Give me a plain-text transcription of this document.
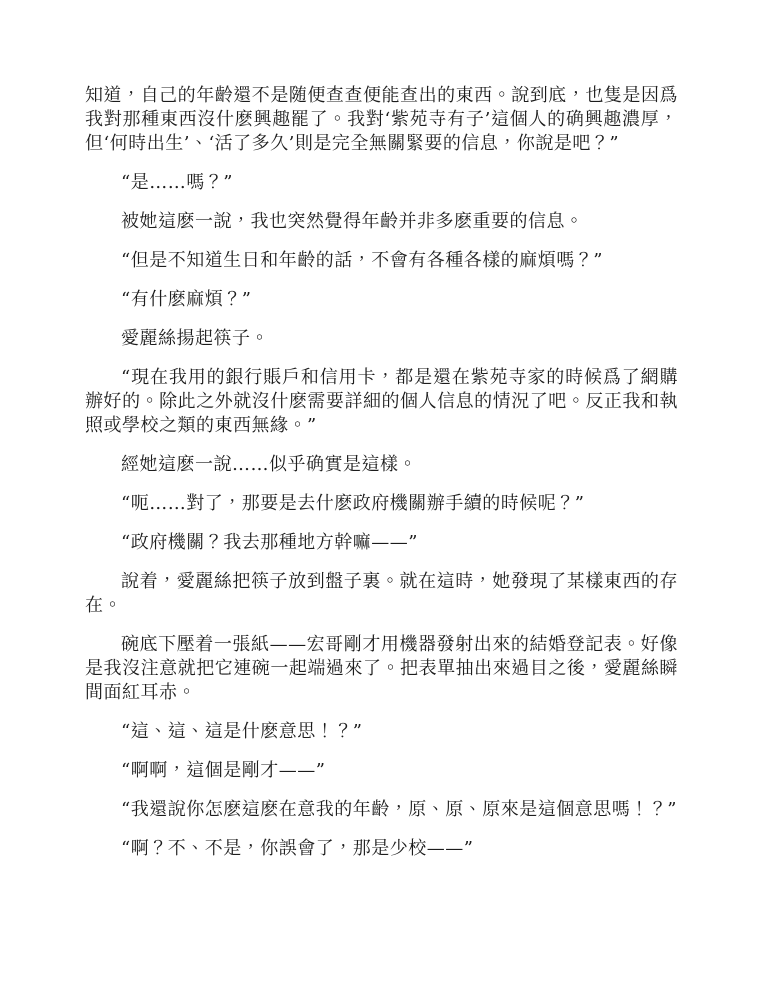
知道，自己的年齡還不是随便查查便能查出的東西。說到底，也隻是因爲我對那種東西沒什麽興趣罷了。我對‘紫苑寺有子’這個人的确興趣濃厚，但‘何時出生’、‘活了多久’則是完全無關緊要的信息，你說是吧？”

“是……嗎？”

被她這麽一說，我也突然覺得年齡并非多麽重要的信息。

“但是不知道生日和年齡的話，不會有各種各樣的麻煩嗎？”

“有什麽麻煩？”

愛麗絲揚起筷子。

“現在我用的銀行賬戶和信用卡，都是還在紫苑寺家的時候爲了網購辦好的。除此之外就沒什麽需要詳細的個人信息的情況了吧。反正我和執照或學校之類的東西無緣。”

經她這麽一說……似乎确實是這樣。

“呃……對了，那要是去什麽政府機關辦手續的時候呢？”

“政府機關？我去那種地方幹嘛——”

說着，愛麗絲把筷子放到盤子裏。就在這時，她發現了某樣東西的存在。

碗底下壓着一張紙——宏哥剛才用機器發射出來的結婚登記表。好像是我沒注意就把它連碗一起端過來了。把表單抽出來過目之後，愛麗絲瞬間面紅耳赤。

“這、這、這是什麽意思！？”

“啊啊，這個是剛才——”

“我還說你怎麽這麽在意我的年齡，原、原、原來是這個意思嗎！？”

“啊？不、不是，你誤會了，那是少校——”
